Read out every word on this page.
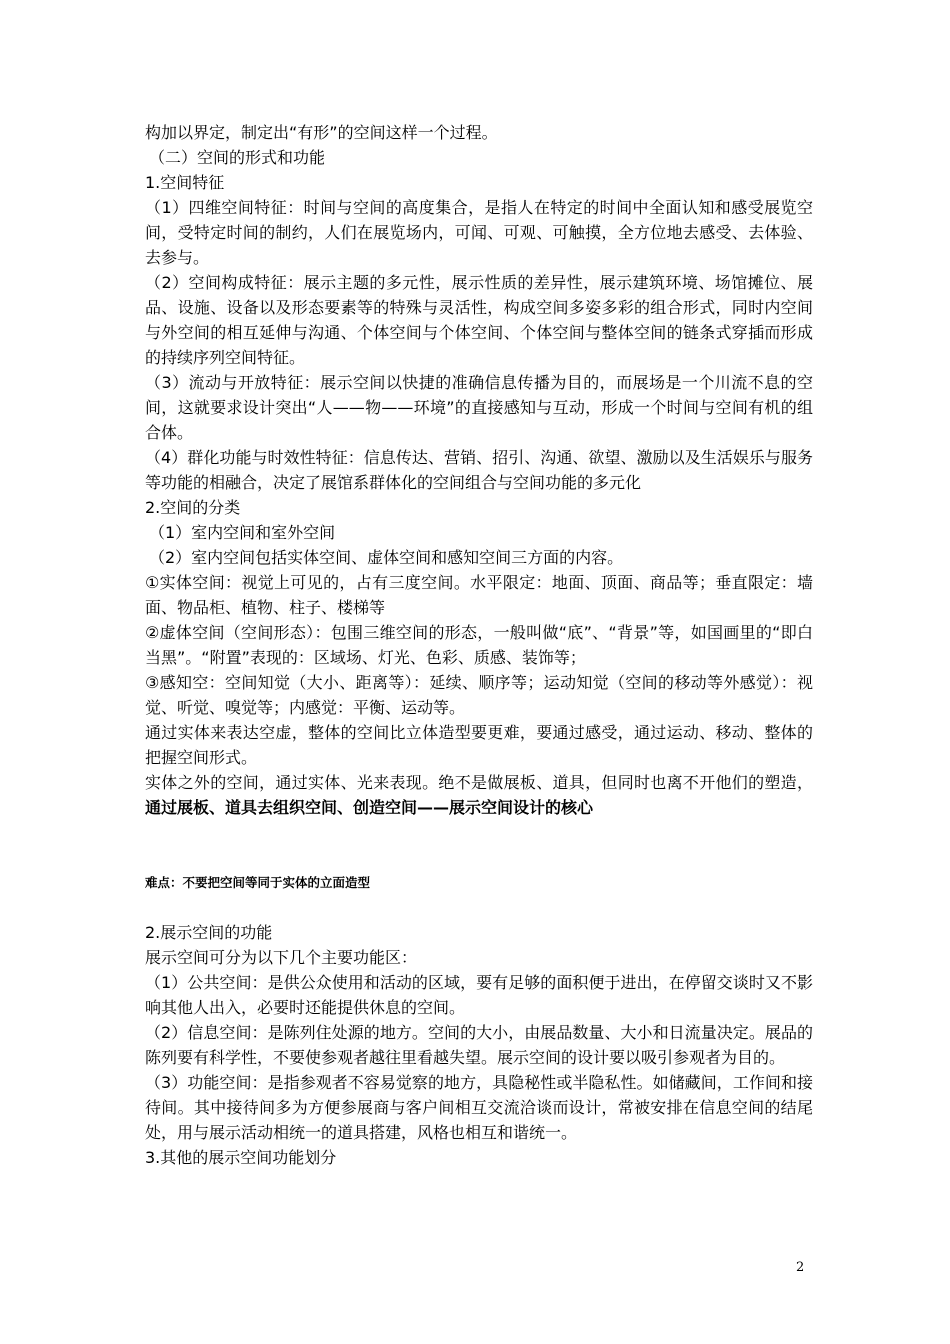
构加以界定，制定出“有形”的空间这样一个过程。

（二）空间的形式和功能

1.空间特征

（1）四维空间特征：时间与空间的高度集合，是指人在特定的时间中全面认知和感受展览空间，受特定时间的制约，人们在展览场内，可闻、可观、可触摸，全方位地去感受、去体验、去参与。

（2）空间构成特征：展示主题的多元性，展示性质的差异性，展示建筑环境、场馆摊位、展品、设施、设备以及形态要素等的特殊与灵活性，构成空间多姿多彩的组合形式，同时内空间与外空间的相互延伸与沟通、个体空间与个体空间、个体空间与整体空间的链条式穿插而形成的持续序列空间特征。

（3）流动与开放特征：展示空间以快捷的准确信息传播为目的，而展场是一个川流不息的空间，这就要求设计突出“人——物——环境”的直接感知与互动，形成一个时间与空间有机的组合体。

（4）群化功能与时效性特征：信息传达、营销、招引、沟通、欲望、激励以及生活娱乐与服务等功能的相融合，决定了展馆系群体化的空间组合与空间功能的多元化

2.空间的分类

（1）室内空间和室外空间

（2）室内空间包括实体空间、虚体空间和感知空间三方面的内容。

①实体空间：视觉上可见的，占有三度空间。水平限定：地面、顶面、商品等；垂直限定：墙面、物品柜、植物、柱子、楼梯等

②虚体空间（空间形态）：包围三维空间的形态，一般叫做“底”、“背景”等，如国画里的“即白当黑”。“附置”表现的：区域场、灯光、色彩、质感、装饰等；

③感知空：空间知觉（大小、距离等）：延续、顺序等；运动知觉（空间的移动等外感觉）：视觉、听觉、嗅觉等；内感觉：平衡、运动等。

通过实体来表达空虚，整体的空间比立体造型要更难，要通过感受，通过运动、移动、整体的把握空间形式。

实体之外的空间，通过实体、光来表现。绝不是做展板、道具，但同时也离不开他们的塑造，通过展板、道具去组织空间、创造空间——展示空间设计的核心

难点：不要把空间等同于实体的立面造型

2.展示空间的功能

展示空间可分为以下几个主要功能区：

（1）公共空间：是供公众使用和活动的区域，要有足够的面积便于进出，在停留交谈时又不影响其他人出入，必要时还能提供休息的空间。

（2）信息空间：是陈列住处源的地方。空间的大小，由展品数量、大小和日流量决定。展品的陈列要有科学性，不要使参观者越往里看越失望。展示空间的设计要以吸引参观者为目的。

（3）功能空间：是指参观者不容易觉察的地方，具隐秘性或半隐私性。如储藏间，工作间和接待间。其中接待间多为方便参展商与客户间相互交流洽谈而设计，常被安排在信息空间的结尾处，用与展示活动相统一的道具搭建，风格也相互和谐统一。

3.其他的展示空间功能划分

2
